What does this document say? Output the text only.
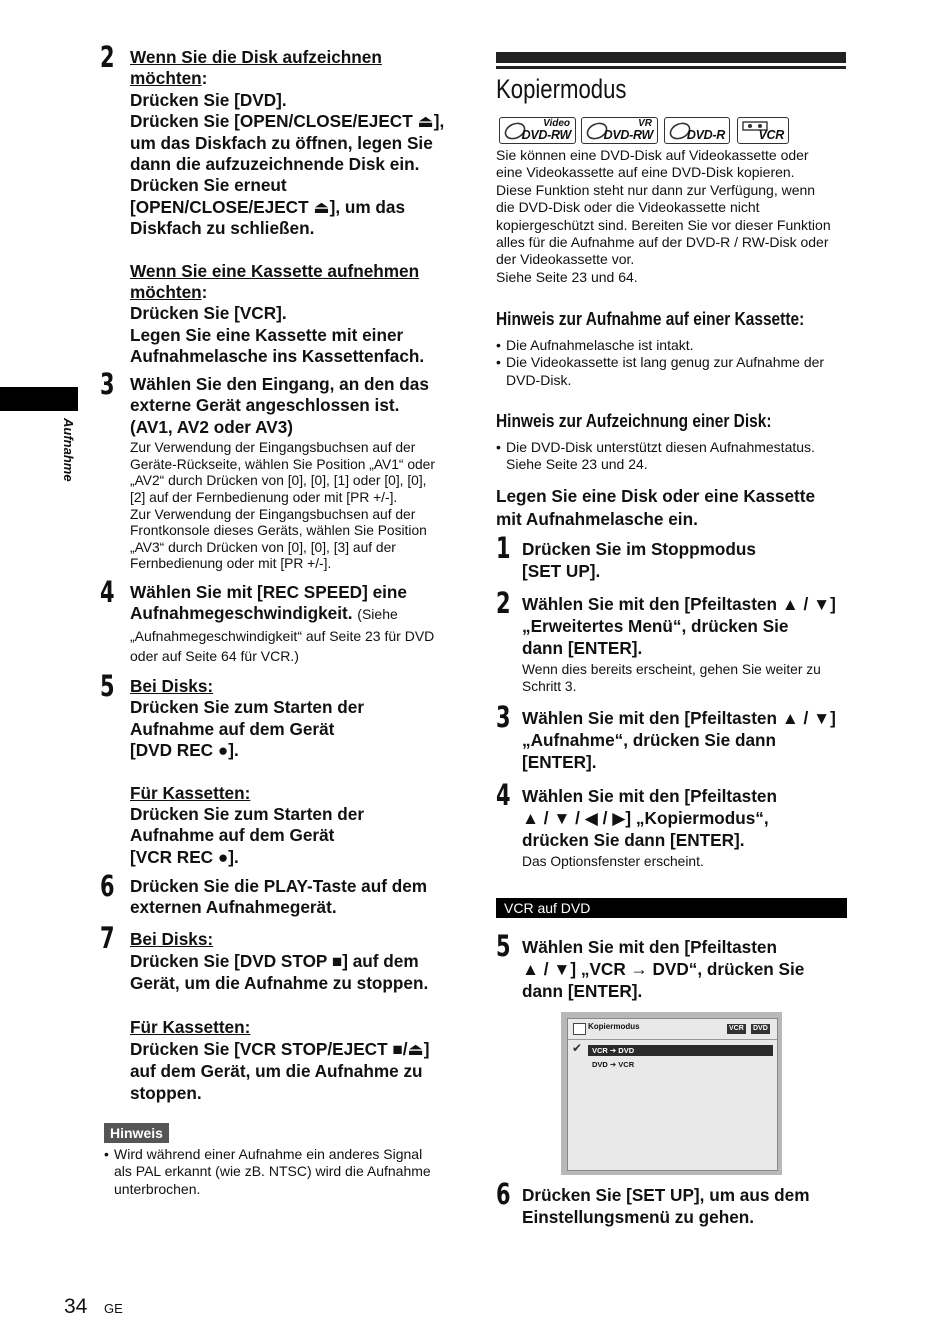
Aufnahme
2 Wenn Sie die Disk aufzeichnen möchten:
Drücken Sie [DVD].
Drücken Sie [OPEN/CLOSE/EJECT ⏏],
um das Diskfach zu öffnen, legen Sie
dann die aufzuzeichnende Disk ein.
Drücken Sie erneut
[OPEN/CLOSE/EJECT ⏏], um das
Diskfach zu schließen.
Wenn Sie eine Kassette aufnehmen möchten:
Drücken Sie [VCR].
Legen Sie eine Kassette mit einer
Aufnahmelasche ins Kassettenfach.
3 Wählen Sie den Eingang, an den das
externe Gerät angeschlossen ist.
(AV1, AV2 oder AV3)
Zur Verwendung der Eingangsbuchsen auf der
Geräte-Rückseite, wählen Sie Position „AV1“ oder
„AV2“ durch Drücken von [0], [0], [1] oder [0], [0],
[2] auf der Fernbedienung oder mit [PR +/-].
Zur Verwendung der Eingangsbuchsen auf der
Frontkonsole dieses Geräts, wählen Sie Position
„AV3“ durch Drücken von [0], [0], [3] auf der
Fernbedienung oder mit [PR +/-].
4 Wählen Sie mit [REC SPEED] eine
Aufnahmegeschwindigkeit. (Siehe
„Aufnahmegeschwindigkeit“ auf Seite 23 für DVD
oder auf Seite 64 für VCR.)
5 Bei Disks:
Drücken Sie zum Starten der
Aufnahme auf dem Gerät
[DVD REC ●].
Für Kassetten:
Drücken Sie zum Starten der
Aufnahme auf dem Gerät
[VCR REC ●].
6 Drücken Sie die PLAY-Taste auf dem
externen Aufnahmegerät.
7 Bei Disks:
Drücken Sie [DVD STOP ■] auf dem
Gerät, um die Aufnahme zu stoppen.
Für Kassetten:
Drücken Sie [VCR STOP/EJECT ■/⏏]
auf dem Gerät, um die Aufnahme zu
stoppen.
Hinweis
• Wird während einer Aufnahme ein anderes Signal
als PAL erkannt (wie zB. NTSC) wird die Aufnahme
unterbrochen.
Kopiermodus
Video
DVD-RW
VR
DVD-RW	DVD-R	VCR
Sie können eine DVD-Disk auf Videokassette oder
eine Videokassette auf eine DVD-Disk kopieren.
Diese Funktion steht nur dann zur Verfügung, wenn
die DVD-Disk oder die Videokassette nicht
kopiergeschützt sind. Bereiten Sie vor dieser Funktion
alles für die Aufnahme auf der DVD-R / RW-Disk oder
der Videokassette vor.
Siehe Seite 23 und 64.
Hinweis zur Aufnahme auf einer Kassette:
• Die Aufnahmelasche ist intakt.
• Die Videokassette ist lang genug zur Aufnahme der
DVD-Disk.
Hinweis zur Aufzeichnung einer Disk:
• Die DVD-Disk unterstützt diesen Aufnahmestatus.
Siehe Seite 23 und 24.
Legen Sie eine Disk oder eine Kassette
mit Aufnahmelasche ein.
1 Drücken Sie im Stoppmodus
[SET UP].
2 Wählen Sie mit den [Pfeiltasten ▲ / ▼]
„Erweitertes Menü“, drücken Sie
dann [ENTER].
Wenn dies bereits erscheint, gehen Sie weiter zu
Schritt 3.
3 Wählen Sie mit den [Pfeiltasten ▲ / ▼]
„Aufnahme“, drücken Sie dann
[ENTER].
4 Wählen Sie mit den [Pfeiltasten
▲ / ▼ / ◀ / ▶] „Kopiermodus“,
drücken Sie dann [ENTER].
Das Optionsfenster erscheint.
VCR auf DVD
5 Wählen Sie mit den [Pfeiltasten
▲ / ▼] „VCR → DVD“, drücken Sie
dann [ENTER].
Kopiermodus	VCR DVD
✔	VCR ➔ DVD
DVD ➔ VCR
6 Drücken Sie [SET UP], um aus dem
Einstellungsmenü zu gehen.
34 GE
